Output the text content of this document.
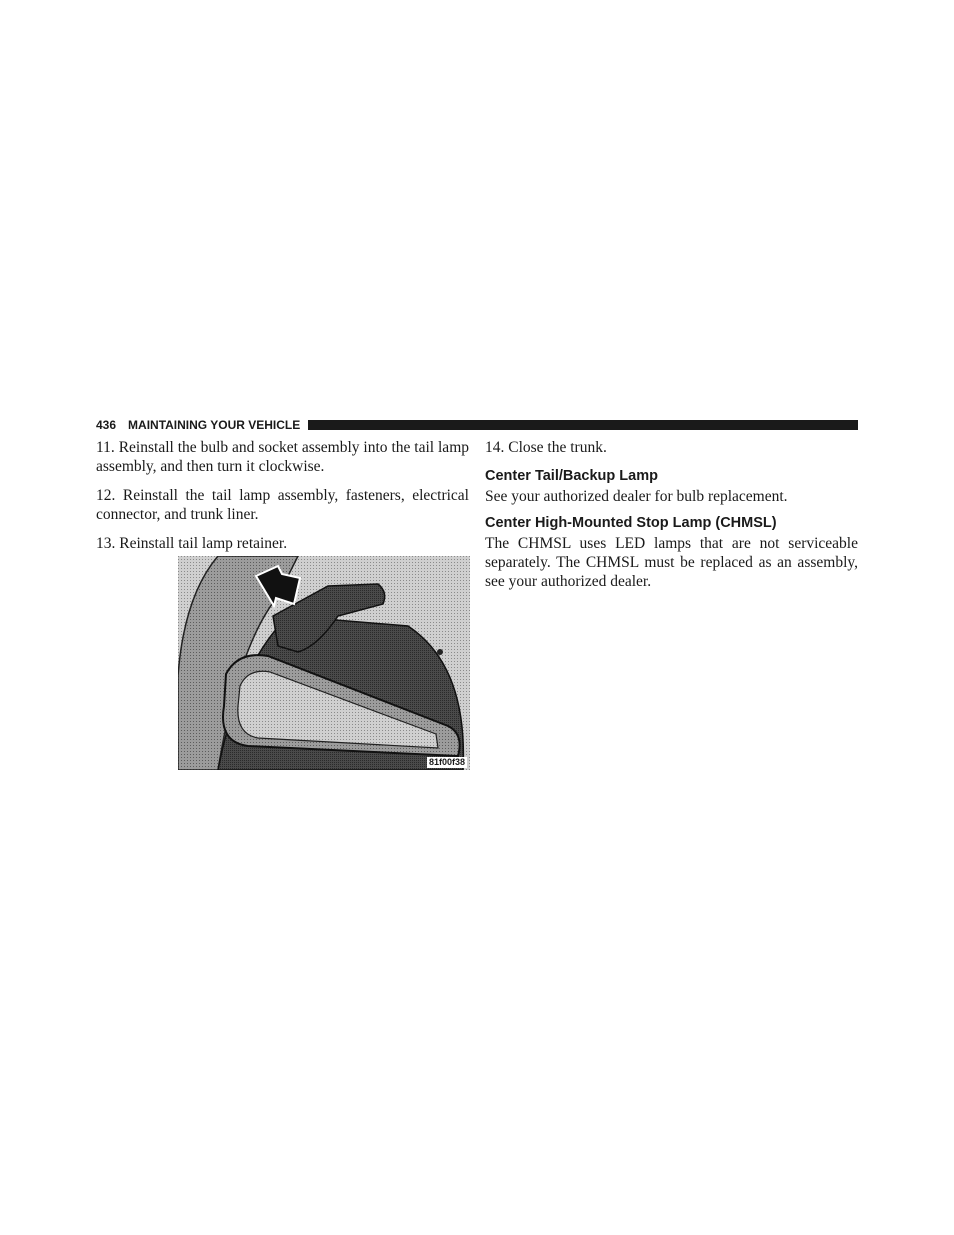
436 MAINTAINING YOUR VEHICLE

11. Reinstall the bulb and socket assembly into the tail lamp assembly, and then turn it clockwise.

12. Reinstall the tail lamp assembly, fasteners, electrical connector, and trunk liner.

13. Reinstall tail lamp retainer.

81f00f38

14. Close the trunk.

Center Tail/Backup Lamp

See your authorized dealer for bulb replacement.

Center High-Mounted Stop Lamp (CHMSL)

The CHMSL uses LED lamps that are not serviceable separately. The CHMSL must be replaced as an assembly, see your authorized dealer.
